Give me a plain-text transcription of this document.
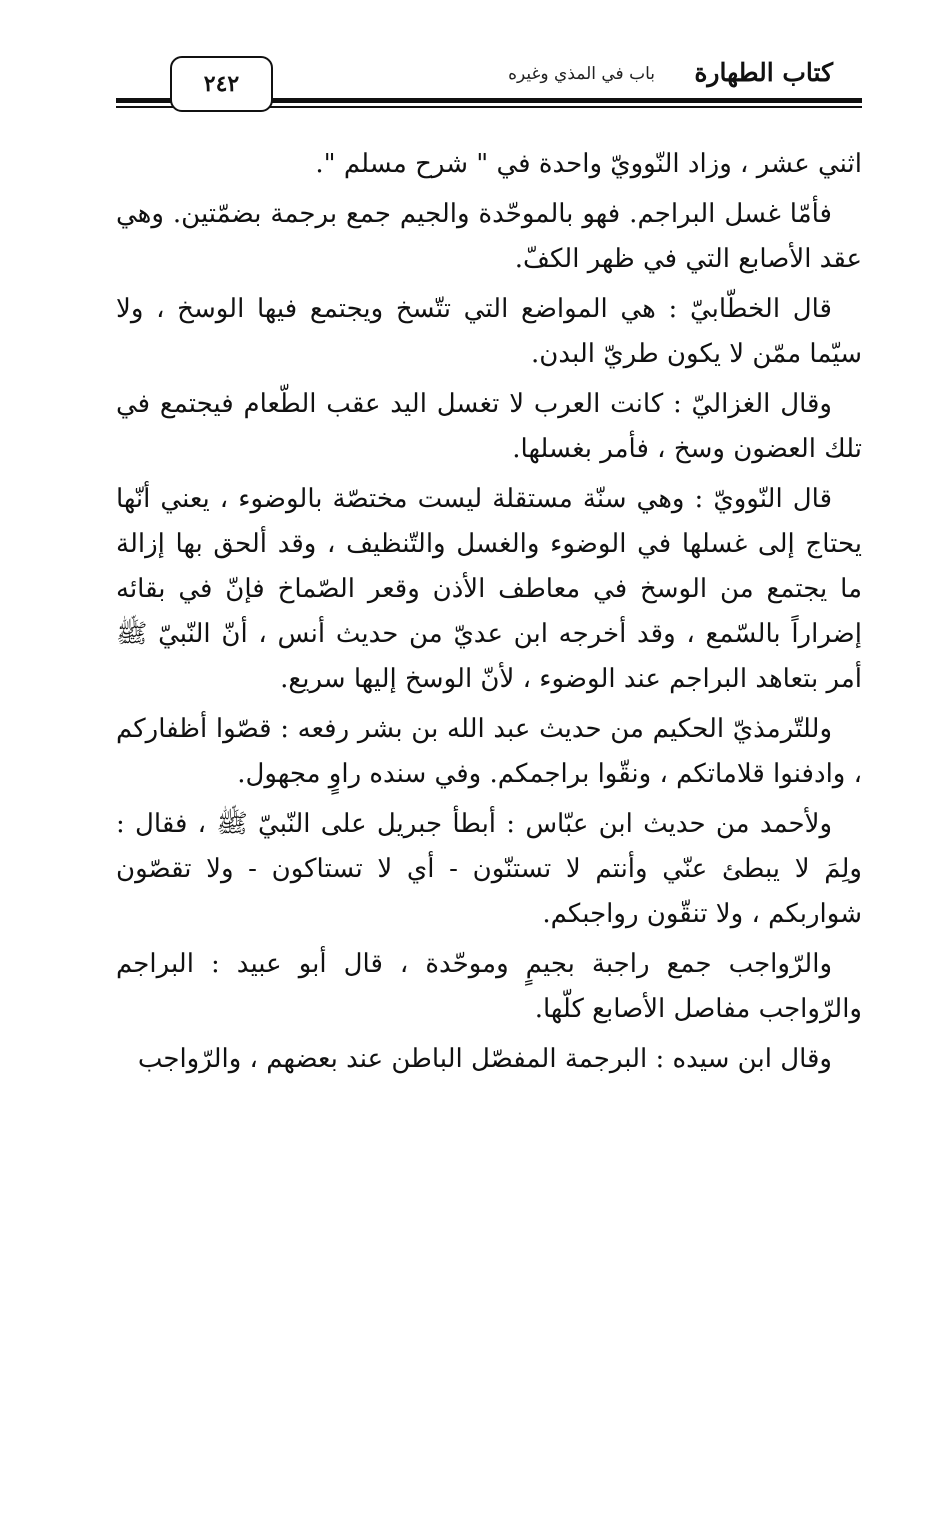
كتاب الطهارة
باب في المذي وغيره
٢٤٢

اثني عشر ، وزاد النّوويّ واحدة في " شرح مسلم ".

فأمّا غسل البراجم. فهو بالموحّدة والجيم جمع برجمة بضمّتين. وهي عقد الأصابع التي في ظهر الكفّ.

قال الخطّابيّ : هي المواضع التي تتّسخ ويجتمع فيها الوسخ ، ولا سيّما ممّن لا يكون طريّ البدن.

وقال الغزاليّ : كانت العرب لا تغسل اليد عقب الطّعام فيجتمع في تلك العضون وسخ ، فأمر بغسلها.

قال النّوويّ : وهي سنّة مستقلة ليست مختصّة بالوضوء ، يعني أنّها يحتاج إلى غسلها في الوضوء والغسل والتّنظيف ، وقد ألحق بها إزالة ما يجتمع من الوسخ في معاطف الأذن وقعر الصّماخ فإنّ في بقائه إضراراً بالسّمع ، وقد أخرجه ابن عديّ من حديث أنس ، أنّ النّبيّ ﷺ أمر بتعاهد البراجم عند الوضوء ، لأنّ الوسخ إليها سريع.

وللتّرمذيّ الحكيم من حديث عبد الله بن بشر رفعه : قصّوا أظفاركم ، وادفنوا قلاماتكم ، ونقّوا براجمكم. وفي سنده راوٍ مجهول.

ولأحمد من حديث ابن عبّاس : أبطأ جبريل على النّبيّ ﷺ ، فقال : ولِمَ لا يبطئ عنّي وأنتم لا تستنّون - أي لا تستاكون - ولا تقصّون شواربكم ، ولا تنقّون رواجبكم.

والرّواجب جمع راجبة بجيمٍ وموحّدة ، قال أبو عبيد : البراجم والرّواجب مفاصل الأصابع كلّها.

وقال ابن سيده : البرجمة المفصّل الباطن عند بعضهم ، والرّواجب
